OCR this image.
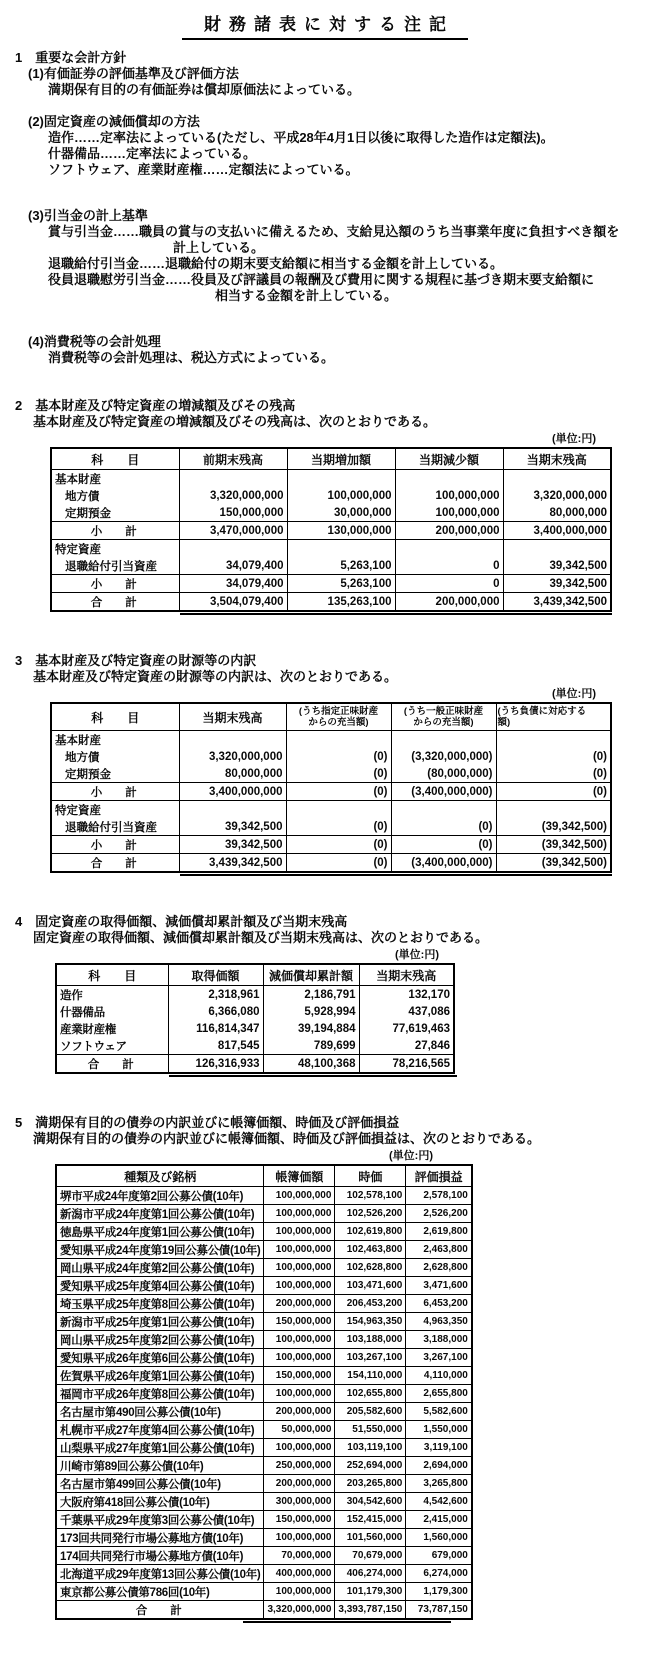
財務諸表に対する注記
1　重要な会計方針
(1)有価証券の評価基準及び評価方法
満期保有目的の有価証券は償却原価法によっている。
(2)固定資産の減価償却の方法
造作……定率法によっている(ただし、平成28年4月1日以後に取得した造作は定額法)。
什器備品……定率法によっている。
ソフトウェア、産業財産権……定額法によっている。
(3)引当金の計上基準
賞与引当金……職員の賞与の支払いに備えるため、支給見込額のうち当事業年度に負担すべき額を
計上している。
退職給付引当金……退職給付の期末要支給額に相当する金額を計上している。
役員退職慰労引当金……役員及び評議員の報酬及び費用に関する規程に基づき期末要支給額に
相当する金額を計上している。
(4)消費税等の会計処理
消費税等の会計処理は、税込方式によっている。
2　基本財産及び特定資産の増減額及びその残高
基本財産及び特定資産の増減額及びその残高は、次のとおりである。
(単位:円)
科　　目	前期末残高	当期増加額	当期減少額	当期末残高
基本財産				
地方債	3,320,000,000	100,000,000	100,000,000	3,320,000,000
定期預金	150,000,000	30,000,000	100,000,000	80,000,000
小　　計	3,470,000,000	130,000,000	200,000,000	3,400,000,000
特定資産				
退職給付引当資産	34,079,400	5,263,100	0	39,342,500
小　　計	34,079,400	5,263,100	0	39,342,500
合　　計	3,504,079,400	135,263,100	200,000,000	3,439,342,500
3　基本財産及び特定資産の財源等の内訳
基本財産及び特定資産の財源等の内訳は、次のとおりである。
(単位:円)
科　　目	当期末残高	(うち指定正味財産
からの充当額)	(うち一般正味財産
からの充当額)	(うち負債に対応する
額)
基本財産				
地方債	3,320,000,000	(0)	(3,320,000,000)	(0)
定期預金	80,000,000	(0)	(80,000,000)	(0)
小　　計	3,400,000,000	(0)	(3,400,000,000)	(0)
特定資産				
退職給付引当資産	39,342,500	(0)	(0)	(39,342,500)
小　　計	39,342,500	(0)	(0)	(39,342,500)
合　　計	3,439,342,500	(0)	(3,400,000,000)	(39,342,500)
4　固定資産の取得価額、減価償却累計額及び当期末残高
固定資産の取得価額、減価償却累計額及び当期末残高は、次のとおりである。
(単位:円)
科　　目	取得価額	減価償却累計額	当期末残高
造作	2,318,961	2,186,791	132,170
什器備品	6,366,080	5,928,994	437,086
産業財産権	116,814,347	39,194,884	77,619,463
ソフトウェア	817,545	789,699	27,846
合　　計	126,316,933	48,100,368	78,216,565
5　満期保有目的の債券の内訳並びに帳簿価額、時価及び評価損益
満期保有目的の債券の内訳並びに帳簿価額、時価及び評価損益は、次のとおりである。
(単位:円)
種類及び銘柄	帳簿価額	時価	評価損益
堺市平成24年度第2回公募公債(10年)	100,000,000	102,578,100	2,578,100
新潟市平成24年度第1回公募公債(10年)	100,000,000	102,526,200	2,526,200
徳島県平成24年度第1回公募公債(10年)	100,000,000	102,619,800	2,619,800
愛知県平成24年度第19回公募公債(10年)	100,000,000	102,463,800	2,463,800
岡山県平成24年度第2回公募公債(10年)	100,000,000	102,628,800	2,628,800
愛知県平成25年度第4回公募公債(10年)	100,000,000	103,471,600	3,471,600
埼玉県平成25年度第8回公募公債(10年)	200,000,000	206,453,200	6,453,200
新潟市平成25年度第1回公募公債(10年)	150,000,000	154,963,350	4,963,350
岡山県平成25年度第2回公募公債(10年)	100,000,000	103,188,000	3,188,000
愛知県平成26年度第6回公募公債(10年)	100,000,000	103,267,100	3,267,100
佐賀県平成26年度第1回公募公債(10年)	150,000,000	154,110,000	4,110,000
福岡市平成26年度第8回公募公債(10年)	100,000,000	102,655,800	2,655,800
名古屋市第490回公募公債(10年)	200,000,000	205,582,600	5,582,600
札幌市平成27年度第4回公募公債(10年)	50,000,000	51,550,000	1,550,000
山梨県平成27年度第1回公募公債(10年)	100,000,000	103,119,100	3,119,100
川崎市第89回公募公債(10年)	250,000,000	252,694,000	2,694,000
名古屋市第499回公募公債(10年)	200,000,000	203,265,800	3,265,800
大阪府第418回公募公債(10年)	300,000,000	304,542,600	4,542,600
千葉県平成29年度第3回公募公債(10年)	150,000,000	152,415,000	2,415,000
173回共同発行市場公募地方債(10年)	100,000,000	101,560,000	1,560,000
174回共同発行市場公募地方債(10年)	70,000,000	70,679,000	679,000
北海道平成29年度第13回公募公債(10年)	400,000,000	406,274,000	6,274,000
東京都公募公債第786回(10年)	100,000,000	101,179,300	1,179,300
合　　計	3,320,000,000	3,393,787,150	73,787,150
